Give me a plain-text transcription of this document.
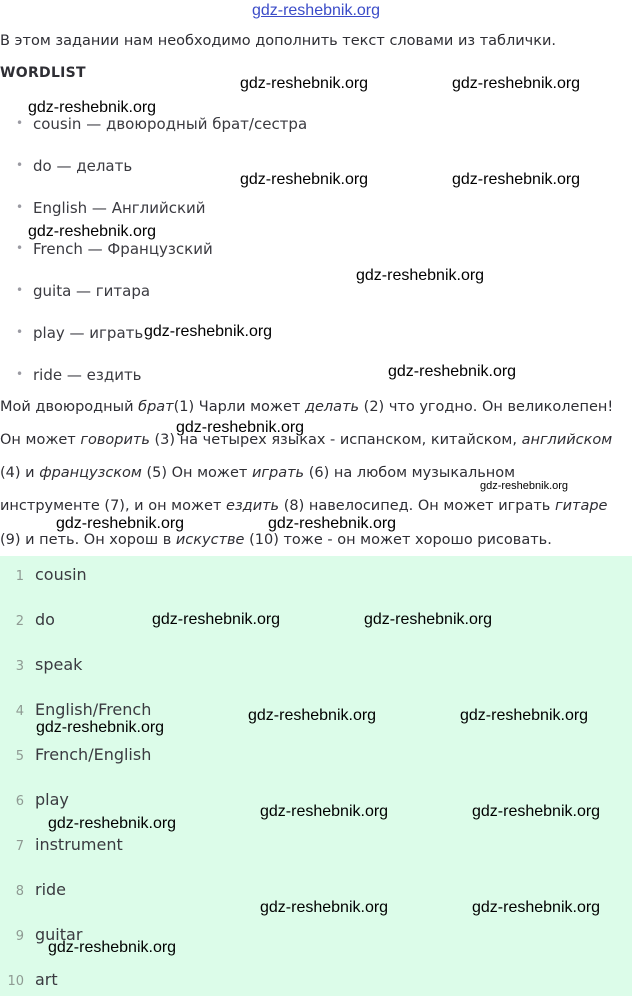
gdz-reshebnik.org
В этом задании нам необходимо дополнить текст словами из таблички.
WORDLIST
• cousin — двоюродный брат/сестра
• do — делать
• English — Английский
• French — Французский
• guita — гитара
• play — играть
• ride — ездить
Мой двоюродный брат(1) Чарли может делать (2) что угодно. Он великолепен!
Он может говорить (3) на четырех языках - испанском, китайском, английском
(4) и французском (5) Он может играть (6) на любом музыкальном
инструменте (7), и он может ездить (8) навелосипед. Он может играть гитаре
(9) и петь. Он хорош в искустве (10) тоже - он может хорошо рисовать.
1 cousin
2 do
3 speak
4 English/French
5 French/English
6 play
7 instrument
8 ride
9 guitar
10 art
gdz-reshebnik.org	gdz-reshebnik.org
gdz-reshebnik.org
gdz-reshebnik.org	gdz-reshebnik.org
gdz-reshebnik.org
gdz-reshebnik.org
gdz-reshebnik.org
gdz-reshebnik.org
gdz-reshebnik.org
gdz-reshebnik.org
gdz-reshebnik.org	gdz-reshebnik.org
gdz-reshebnik.org	gdz-reshebnik.org
gdz-reshebnik.org	gdz-reshebnik.org
gdz-reshebnik.org
gdz-reshebnik.org	gdz-reshebnik.org
gdz-reshebnik.org
gdz-reshebnik.org	gdz-reshebnik.org
gdz-reshebnik.org
